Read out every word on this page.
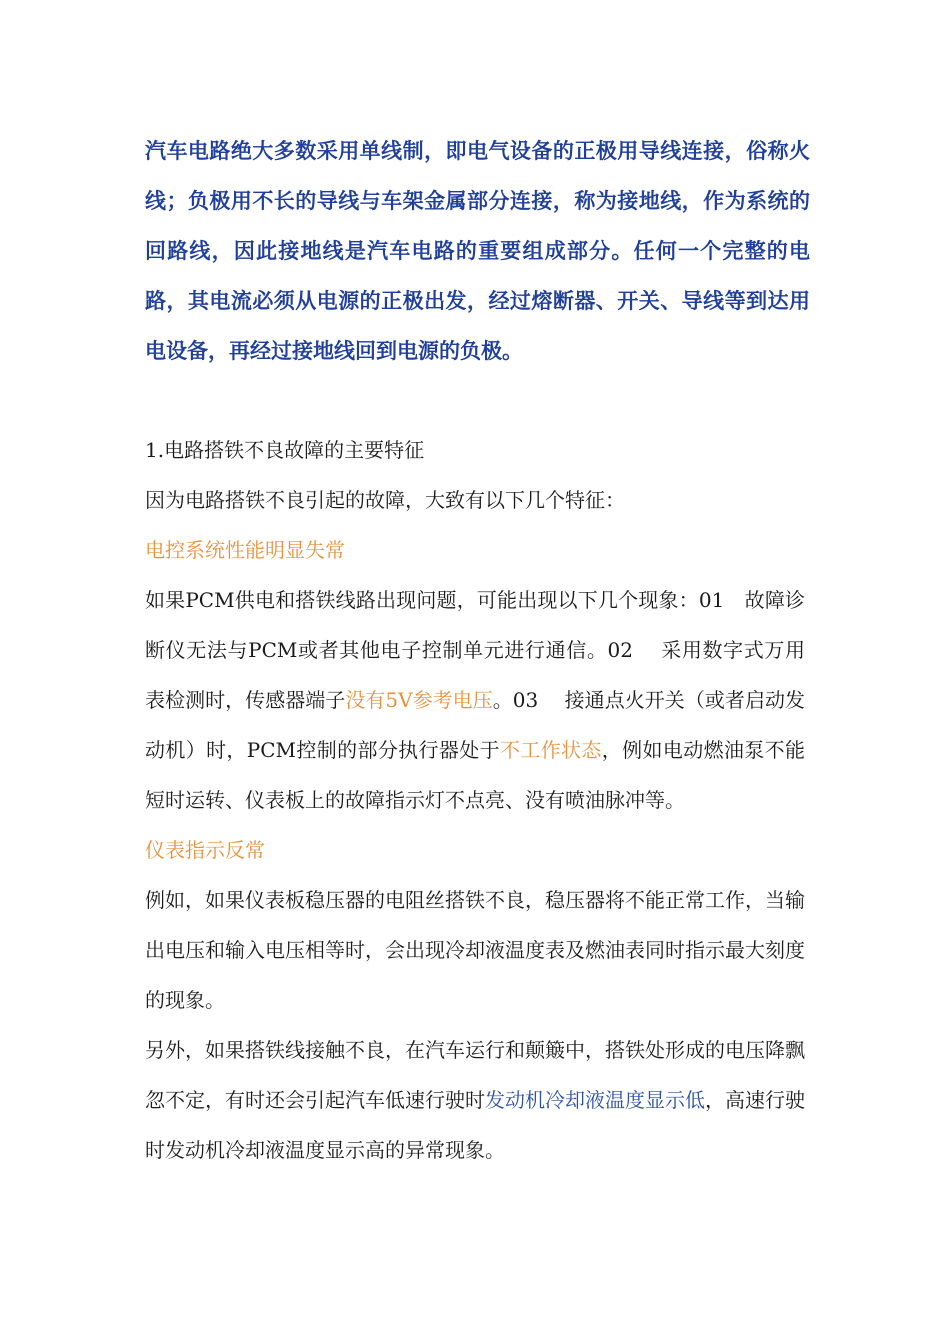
汽车电路绝大多数采用单线制，即电气设备的正极用导线连接，俗称火线；负极用不长的导线与车架金属部分连接，称为接地线，作为系统的回路线，因此接地线是汽车电路的重要组成部分。任何一个完整的电路，其电流必须从电源的正极出发，经过熔断器、开关、导线等到达用电设备，再经过接地线回到电源的负极。

1.电路搭铁不良故障的主要特征

因为电路搭铁不良引起的故障，大致有以下几个特征：

电控系统性能明显失常

如果PCM供电和搭铁线路出现问题，可能出现以下几个现象：01　故障诊断仪无法与PCM或者其他电子控制单元进行通信。02　 采用数字式万用表检测时，传感器端子没有5V参考电压。03　 接通点火开关（或者启动发动机）时，PCM控制的部分执行器处于不工作状态，例如电动燃油泵不能短时运转、仪表板上的故障指示灯不点亮、没有喷油脉冲等。

仪表指示反常

例如，如果仪表板稳压器的电阻丝搭铁不良，稳压器将不能正常工作，当输出电压和输入电压相等时，会出现冷却液温度表及燃油表同时指示最大刻度的现象。

另外，如果搭铁线接触不良，在汽车运行和颠簸中，搭铁处形成的电压降飘忽不定，有时还会引起汽车低速行驶时发动机冷却液温度显示低，高速行驶时发动机冷却液温度显示高的异常现象。
